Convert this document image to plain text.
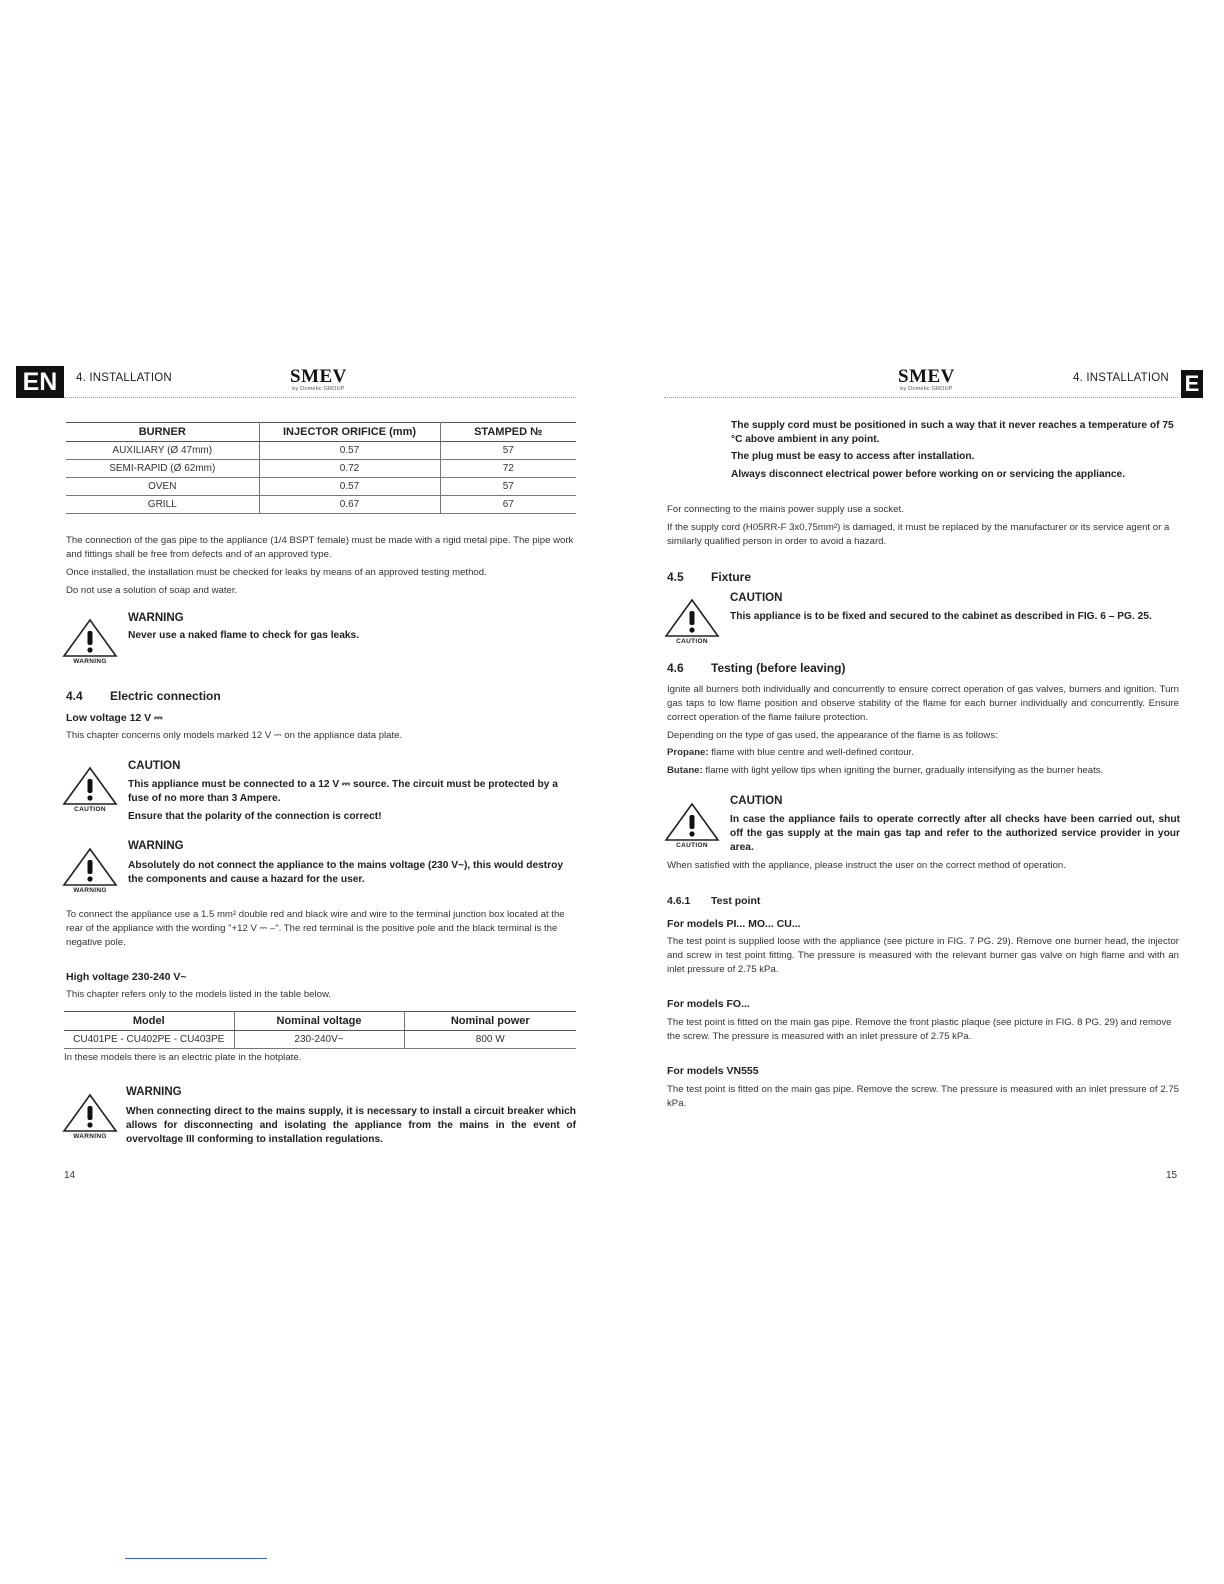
EN	4. INSTALLATION	SMEV
by Dometic GROUP
BURNER	INJECTOR ORIFICE (mm)	STAMPED №
AUXILIARY (Ø 47mm)	0.57	57
SEMI-RAPID (Ø 62mm)	0.72	72
OVEN	0.57	57
GRILL	0.67	67

The connection of the gas pipe to the appliance (1/4 BSPT female) must be made with a rigid metal pipe. The pipe work and fittings shall be free from defects and of an approved type.

Once installed, the installation must be checked for leaks by means of an approved testing method.

Do not use a solution of soap and water.

WARNING
WARNING
Never use a naked flame to check for gas leaks.
4.4 Electric connection
Low voltage 12 V ⎓

This chapter concerns only models marked 12 V ⎓ on the appliance data plate.

CAUTION
CAUTION
This appliance must be connected to a 12 V ⎓ source. The circuit must be protected by a fuse of no more than 3 Ampere.
Ensure that the polarity of the connection is correct!
WARNING
WARNING
Absolutely do not connect the appliance to the mains voltage (230 V~), this would destroy the components and cause a hazard for the user.

To connect the appliance use a 1.5 mm² double red and black wire and wire to the terminal junction box located at the rear of the appliance with the wording "+12 V ⎓ –". The red terminal is the positive pole and the black terminal is the negative pole.

High voltage 230-240 V~

This chapter refers only to the models listed in the table below.

Model	Nominal voltage	Nominal power
CU401PE - CU402PE - CU403PE	230-240V~	800 W

In these models there is an electric plate in the hotplate.

WARNING
WARNING
When connecting direct to the mains supply, it is necessary to install a circuit breaker which allows for disconnecting and isolating the appliance from the mains in the event of overvoltage III conforming to installation regulations.
14
SMEV
by Dometic GROUP
4. INSTALLATION E

The supply cord must be positioned in such a way that it never reaches a temperature of 75 °C above ambient in any point.

The plug must be easy to access after installation.

Always disconnect electrical power before working on or servicing the appliance.

For connecting to the mains power supply use a socket.

If the supply cord (H05RR-F 3x0,75mm²) is damaged, it must be replaced by the manufacturer or its service agent or a similarly qualified person in order to avoid a hazard.

4.5 Fixture
CAUTION
CAUTION
This appliance is to be fixed and secured to the cabinet as described in FIG. 6 – PG. 25.
4.6 Testing (before leaving)

Ignite all burners both individually and concurrently to ensure correct operation of gas valves, burners and ignition. Turn gas taps to low flame position and observe stability of the flame for each burner individually and concurrently. Ensure correct operation of the flame failure protection.

Depending on the type of gas used, the appearance of the flame is as follows:

Propane: flame with blue centre and well-defined contour.

Butane: flame with light yellow tips when igniting the burner, gradually intensifying as the burner heats.

CAUTION
CAUTION
In case the appliance fails to operate correctly after all checks have been carried out, shut off the gas supply at the main gas tap and refer to the authorized service provider in your area.

When satisfied with the appliance, please instruct the user on the correct method of operation.

4.6.1 Test point
For models PI... MO... CU...

The test point is supplied loose with the appliance (see picture in FIG. 7 PG. 29). Remove one burner head, the injector and screw in test point fitting. The pressure is measured with the relevant burner gas valve on high flame and with an inlet pressure of 2.75 kPa.

For models FO...

The test point is fitted on the main gas pipe. Remove the front plastic plaque (see picture in FIG. 8 PG. 29) and remove the screw. The pressure is measured with an inlet pressure of 2.75 kPa.

For models VN555

The test point is fitted on the main gas pipe. Remove the screw. The pressure is measured with an inlet pressure of 2.75 kPa.

15
